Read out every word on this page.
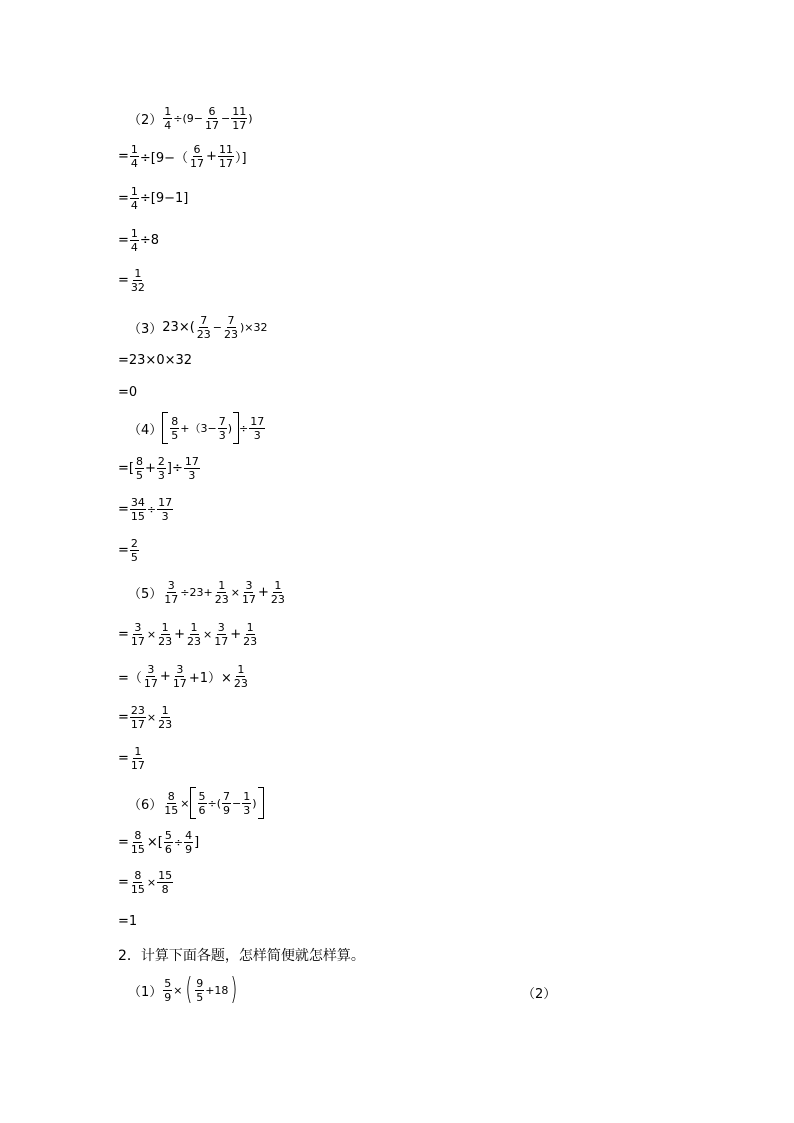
$(2) \frac{1}{4} \div(9- \frac{6}{17} - \frac{11}{17}$ )
= $\frac{1}{4} \div[9-( \frac{6}{17} + \frac{11}{17}$ ）]
= $\frac{1}{4} \div[9-1]$
= $\frac{1}{4} \div 8$
= $\frac{1}{32}$
（3） $23\times( \frac{7}{23} - \frac{7}{23} )\times 32$
=23×0×32
=0
$(4) \frac{8}{5} +(3- \frac{7}{3}$ ) ÷ $\frac{17}{3}$
=[ $\frac{8}{5} + \frac{2}{3}$ ]÷ $\frac{17}{3}$
= $\frac{34}{15} \div \frac{17}{3}$
= $\frac{2}{5}$
$(5) \frac{3}{17} \div 23+ \frac{1}{23} \times \frac{3}{17} + \frac{1}{23}$
= $\frac{3}{17} \times \frac{1}{23} + \frac{1}{23} \times \frac{3}{17} + \frac{1}{23}$
=（ $\frac{3}{17} + \frac{3}{17} +1)\times \frac{1}{23}$
= $\frac{23}{17} \times \frac{1}{23}$
= $\frac{1}{17}$
$(6) \frac{8}{15} \times \frac{5}{6}$ ÷( $\frac{7}{9} - \frac{1}{3}$ )
= $\frac{8}{15}$ ×[ $\frac{5}{6} \div \frac{4}{9}$ ]
= $\frac{8}{15} \times \frac{15}{8}$
=1
2．计算下面各题，怎样简便就怎样算。
$(1) \frac{5}{9}$ × ( $\frac{9}{5} +18$ )	（2）
